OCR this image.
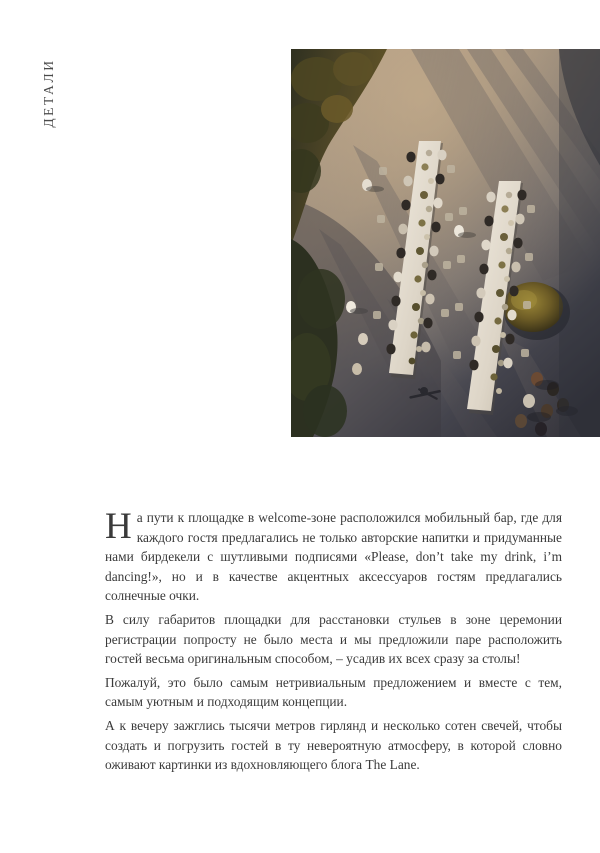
ДЕТАЛИ

На пути к площадке в welcome-зоне расположился мобильный бар, где для каждого гостя предлагались не только авторские напитки и придуманные нами бирдекели с шутливыми подписями «Please, don’t take my drink, i’m dancing!», но и в качестве акцентных аксессуаров гостям предлагались солнечные очки.

В силу габаритов площадки для расстановки стульев в зоне церемонии регистрации попросту не было места и мы предложили паре расположить гостей весьма оригинальным способом, – усадив их всех сразу за столы!

Пожалуй, это было самым нетривиальным предложением и вместе с тем, самым уютным и подходящим концепции.

А к вечеру зажглись тысячи метров гирлянд и несколько сотен свечей, чтобы создать и погрузить гостей в ту невероятную атмосферу, в которой словно оживают картинки из вдохновляющего блога The Lane.
